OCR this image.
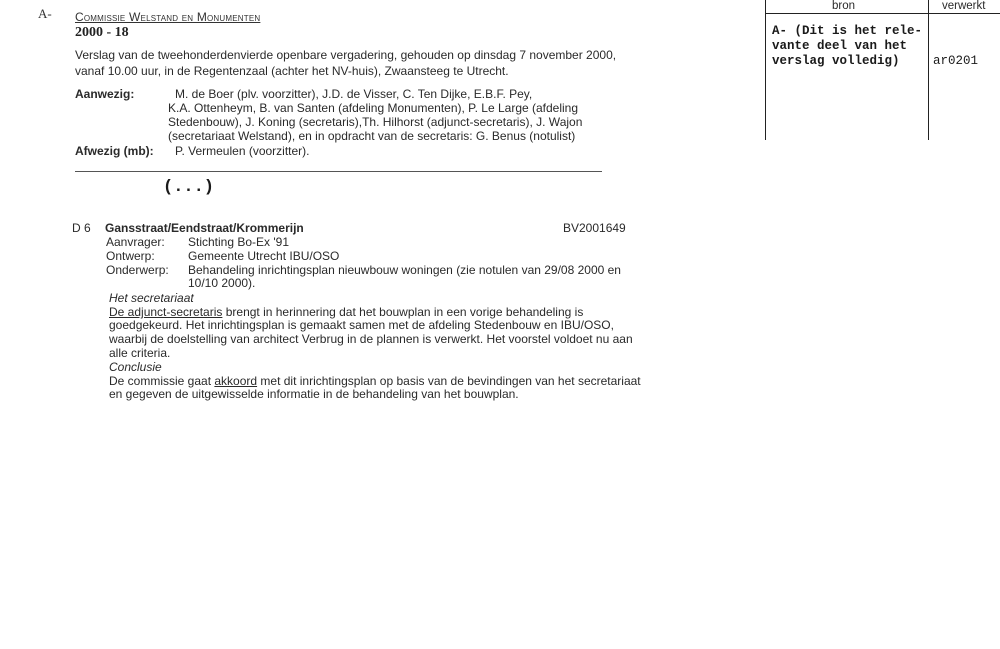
A- Commissie Welstand en Monumenten
2000 - 18
Verslag van de tweehonderdenvierde openbare vergadering, gehouden op dinsdag 7 november 2000,
vanaf 10.00 uur, in de Regentenzaal (achter het NV-huis), Zwaansteeg te Utrecht.
Aanwezig:	M. de Boer (plv. voorzitter), J.D. de Visser, C. Ten Dijke, E.B.F. Pey,
K.A. Ottenheym, B. van Santen (afdeling Monumenten), P. Le Large (afdeling
Stedenbouw), J. Koning (secretaris),Th. Hilhorst (adjunct-secretaris), J. Wajon
(secretariaat Welstand), en in opdracht van de secretaris: G. Benus (notulist)
Afwezig (mb): P. Vermeulen (voorzitter).
(...)
D 6 Gansstraat/Eendstraat/Krommerijn	BV2001649
Aanvrager: Stichting Bo-Ex '91
Ontwerp:	Gemeente Utrecht IBU/OSO
Onderwerp: Behandeling inrichtingsplan nieuwbouw woningen (zie notulen van 29/08 2000 en
10/10 2000).
Het secretariaat
De adjunct-secretaris brengt in herinnering dat het bouwplan in een vorige behandeling is
goedgekeurd. Het inrichtingsplan is gemaakt samen met de afdeling Stedenbouw en IBU/OSO,
waarbij de doelstelling van architect Verbrug in de plannen is verwerkt. Het voorstel voldoet nu aan
alle criteria.
Conclusie
De commissie gaat akkoord met dit inrichtingsplan op basis van de bevindingen van het secretariaat
en gegeven de uitgewisselde informatie in de behandeling van het bouwplan.
bron	verwerkt
A- (Dit is het rele-
vante deel van het
verslag volledig)	ar0201
